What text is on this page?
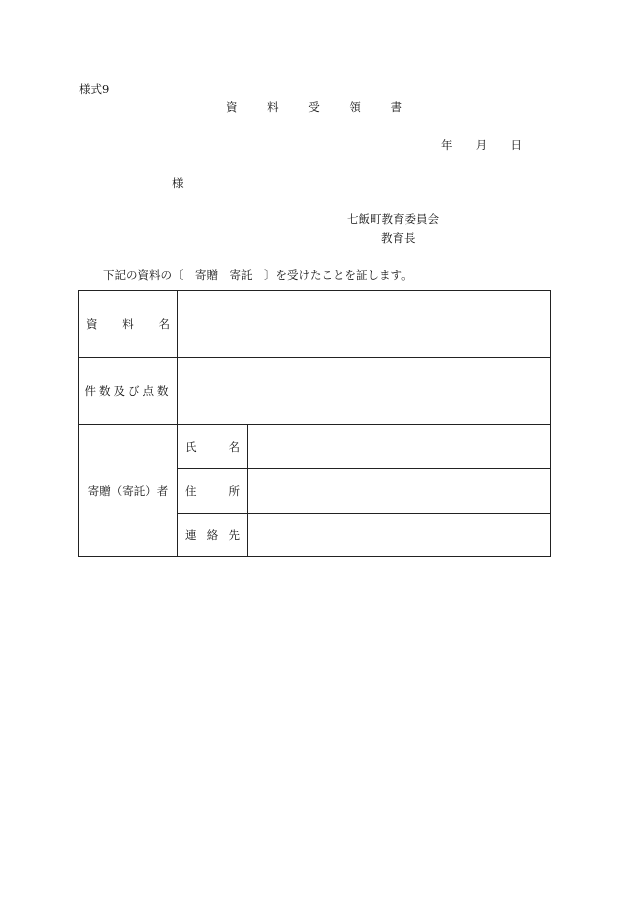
様式9
資	料	受	領	書
年 月 日
様
七飯町教育委員会
教育長
下記の資料の〔　寄贈　寄託　〕を受けたことを証します。
資 料 名		

件数及び点数		

寄贈（寄託）者	氏 名	

	住 所	

	連 絡 先	
